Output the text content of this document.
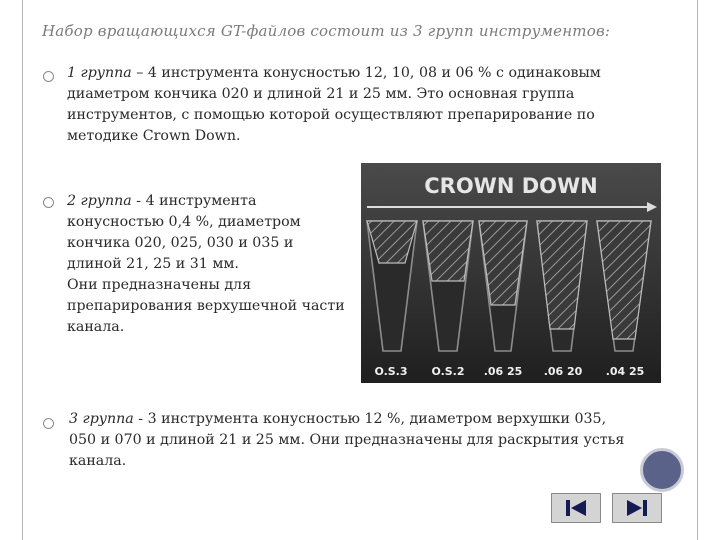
Набор вращающихся GT-файлов состоит из 3 групп инструментов:
1 группа – 4 инструмента конусностью 12, 10, 08 и 06 % с одинаковым диаметром кончика 020 и длиной 21 и 25 мм. Это основная группа инструментов, с помощью которой осуществляют препарирование по методике Crown Down.
2 группа - 4 инструмента конусностью 0,4 %, диаметром кончика 020, 025, 030 и 035 и длиной 21, 25 и 31 мм.
Они предназначены для препарирования верхушечной части канала.
CROWN DOWN
O.S.3 O.S.2 .06 25 .06 20 .04 25
3 группа - 3 инструмента конусностью 12 %, диаметром верхушки 035, 050 и 070 и длиной 21 и 25 мм. Они предназначены для раскрытия устья канала.
